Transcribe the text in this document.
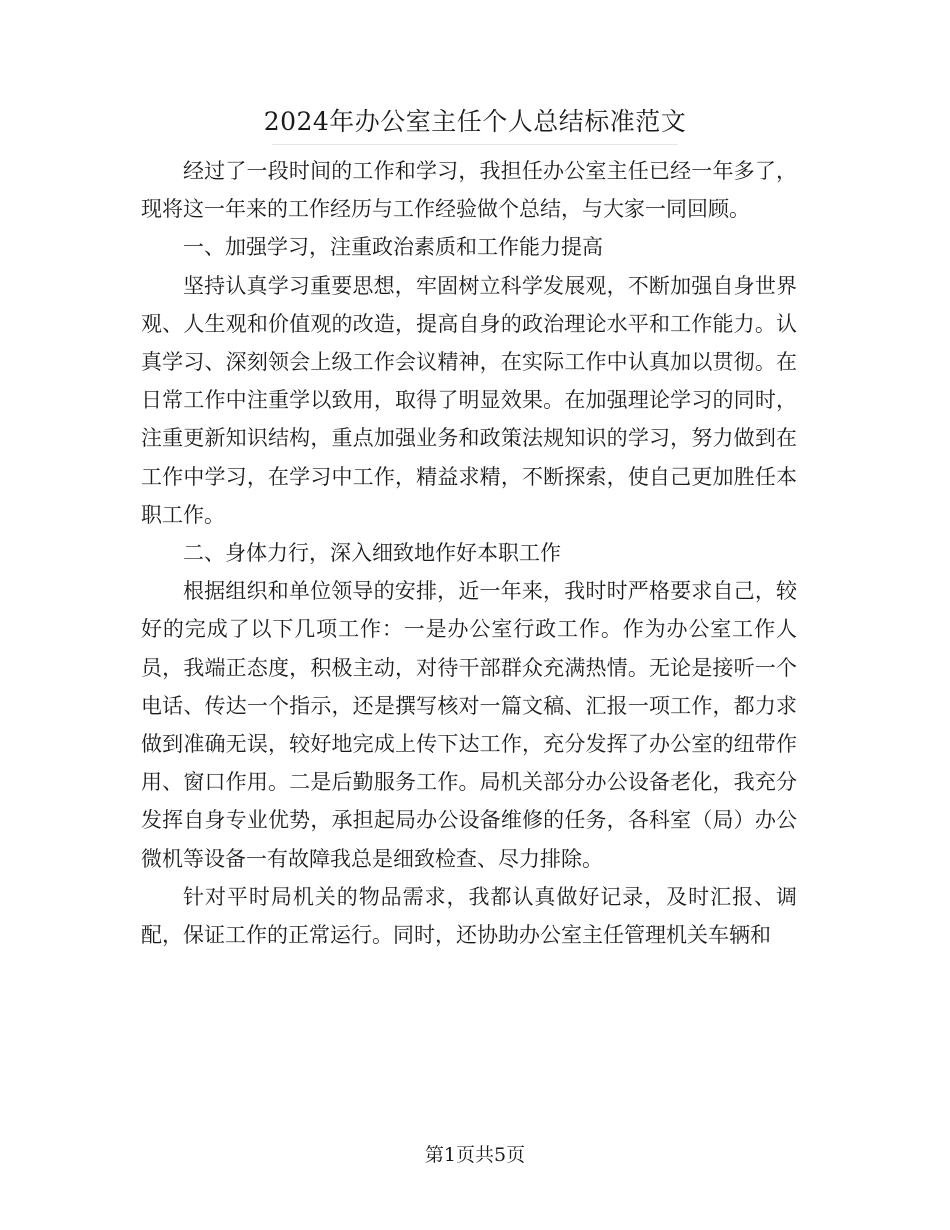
2024年办公室主任个人总结标准范文

经过了一段时间的工作和学习，我担任办公室主任已经一年多了，现将这一年来的工作经历与工作经验做个总结，与大家一同回顾。

一、加强学习，注重政治素质和工作能力提高

坚持认真学习重要思想，牢固树立科学发展观，不断加强自身世界观、人生观和价值观的改造，提高自身的政治理论水平和工作能力。认真学习、深刻领会上级工作会议精神，在实际工作中认真加以贯彻。在日常工作中注重学以致用，取得了明显效果。在加强理论学习的同时，注重更新知识结构，重点加强业务和政策法规知识的学习，努力做到在工作中学习，在学习中工作，精益求精，不断探索，使自己更加胜任本职工作。

二、身体力行，深入细致地作好本职工作

根据组织和单位领导的安排，近一年来，我时时严格要求自己，较好的完成了以下几项工作：一是办公室行政工作。作为办公室工作人员，我端正态度，积极主动，对待干部群众充满热情。无论是接听一个电话、传达一个指示，还是撰写核对一篇文稿、汇报一项工作，都力求做到准确无误，较好地完成上传下达工作，充分发挥了办公室的纽带作用、窗口作用。二是后勤服务工作。局机关部分办公设备老化，我充分发挥自身专业优势，承担起局办公设备维修的任务，各科室（局）办公微机等设备一有故障我总是细致检查、尽力排除。

针对平时局机关的物品需求，我都认真做好记录，及时汇报、调配，保证工作的正常运行。同时，还协助办公室主任管理机关车辆和

第1页共5页
